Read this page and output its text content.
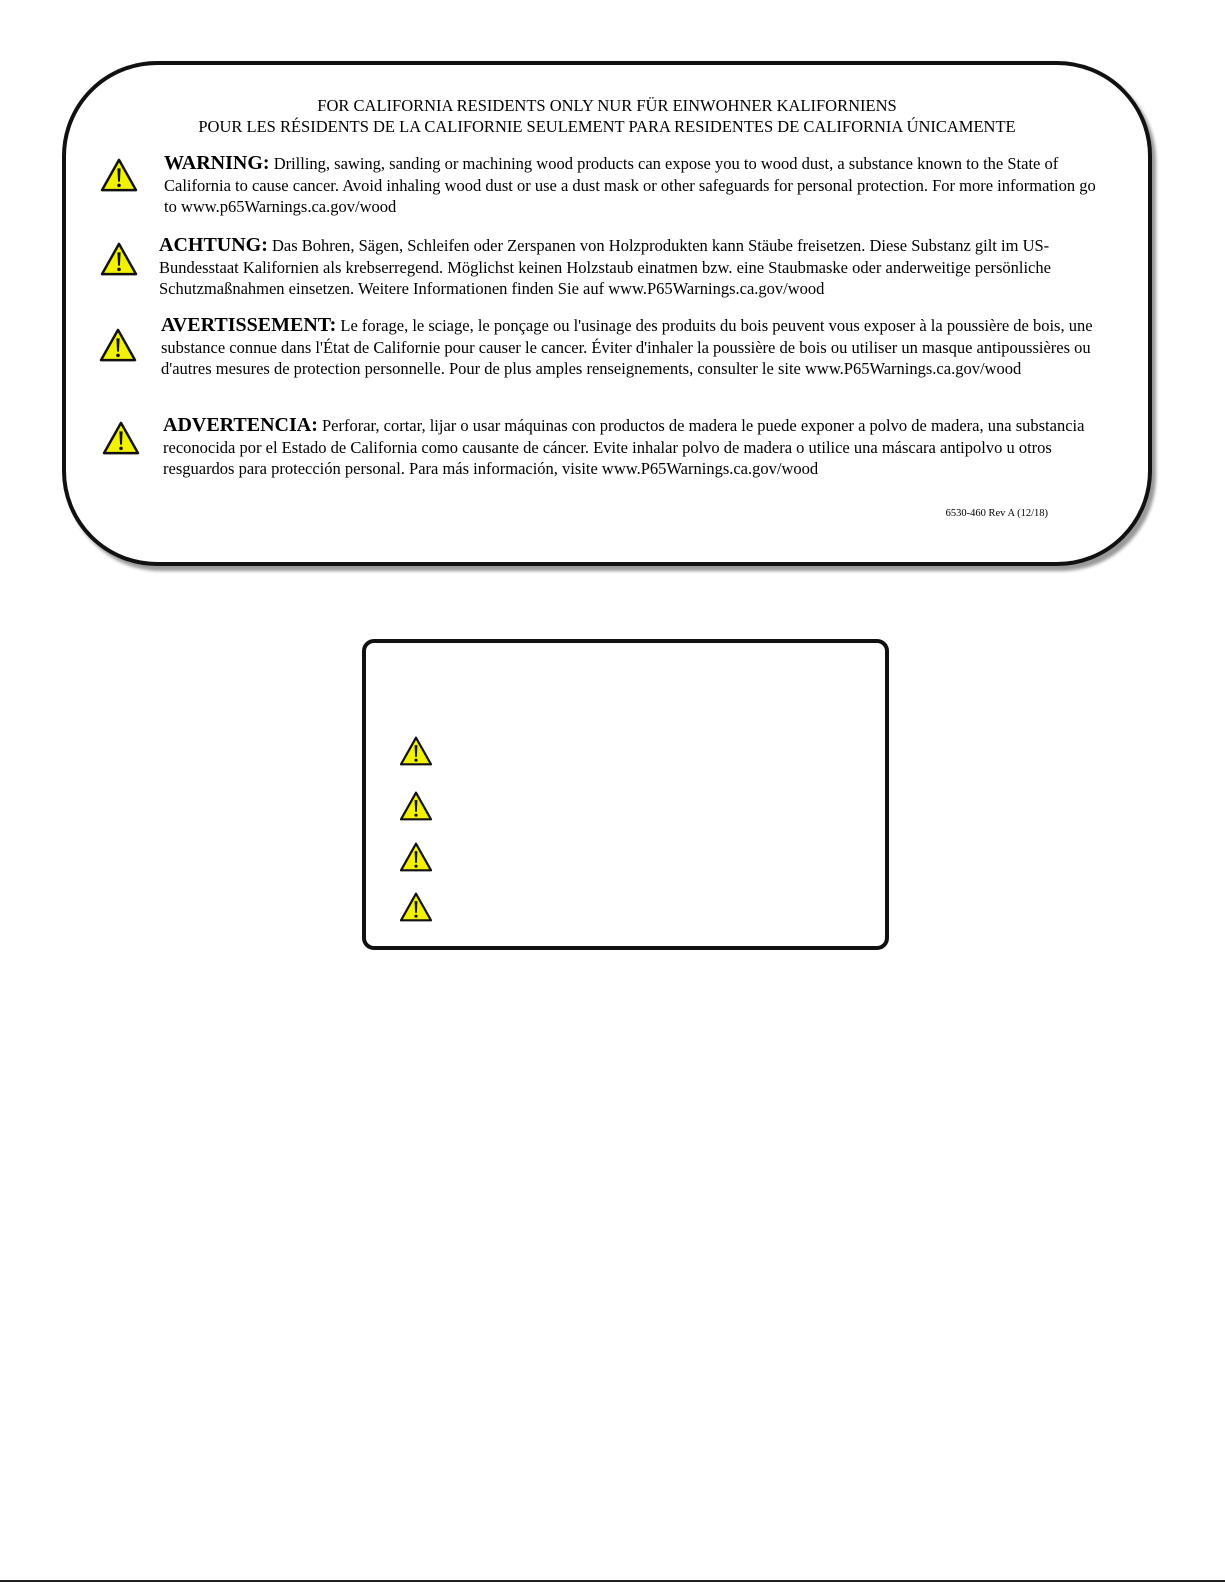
FOR CALIFORNIA RESIDENTS ONLY NUR FÜR EINWOHNER KALIFORNIENS
POUR LES RÉSIDENTS DE LA CALIFORNIE SEULEMENT PARA RESIDENTES DE CALIFORNIA ÚNICAMENTE
WARNING: Drilling, sawing, sanding or machining wood products can expose you to wood dust, a substance known to the State of California to cause cancer. Avoid inhaling wood dust or use a dust mask or other safeguards for personal protection. For more information go to www.p65Warnings.ca.gov/wood
ACHTUNG: Das Bohren, Sägen, Schleifen oder Zerspanen von Holzprodukten kann Stäube freisetzen. Diese Substanz gilt im US-Bundesstaat Kalifornien als krebserregend. Möglichst keinen Holzstaub einatmen bzw. eine Staubmaske oder anderweitige persönliche Schutzmaßnahmen einsetzen. Weitere Informationen finden Sie auf www.P65Warnings.ca.gov/wood
AVERTISSEMENT: Le forage, le sciage, le ponçage ou l'usinage des produits du bois peuvent vous exposer à la poussière de bois, une substance connue dans l'État de Californie pour causer le cancer. Éviter d'inhaler la poussière de bois ou utiliser un masque antipoussières ou d'autres mesures de protection personnelle. Pour de plus amples renseignements, consulter le site www.P65Warnings.ca.gov/wood
ADVERTENCIA: Perforar, cortar, lijar o usar máquinas con productos de madera le puede exponer a polvo de madera, una substancia reconocida por el Estado de California como causante de cáncer. Evite inhalar polvo de madera o utilice una máscara antipolvo u otros resguardos para protección personal. Para más información, visite www.P65Warnings.ca.gov/wood
6530-460 Rev A (12/18)
